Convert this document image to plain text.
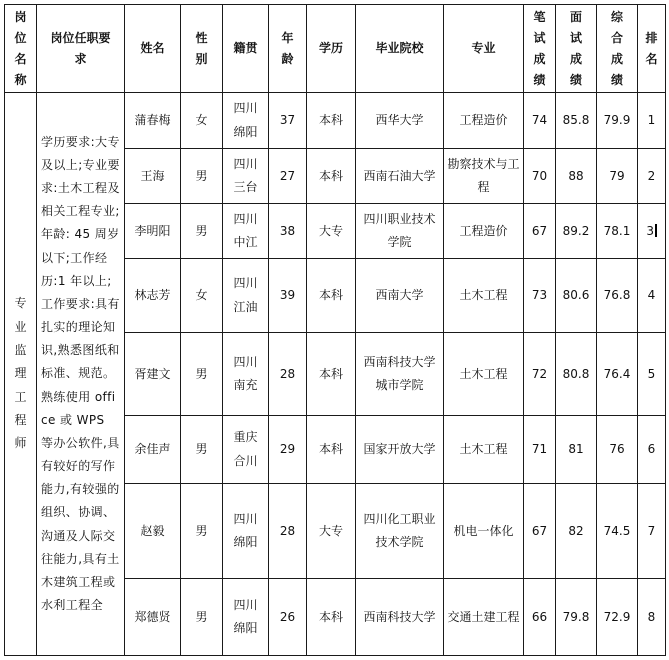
岗位名称	岗位任职要求	姓名	性别	籍贯	年龄	学历	毕业院校	专业	笔试成绩	面试成绩	综合成绩	排名
专业监理工程师	学历要求:大专及以上;专业要求:土木工程及相关工程专业;年龄: 45 周岁以下;工作经历:1 年以上;工作要求:具有扎实的理论知识,熟悉图纸和标准、规范。熟练使用 office 或 WPS 等办公软件,具有较好的写作能力,有较强的组织、协调、沟通及人际交往能力,具有土木建筑工程或水利工程全	蒲春梅	女	四川绵阳	37	本科	西华大学	工程造价	74	85.8	79.9	1
		王海	男	四川三台	27	本科	西南石油大学	勘察技术与工程	70	88	79	2
		李明阳	男	四川中江	38	大专	四川职业技术学院	工程造价	67	89.2	78.1	3
		林志芳	女	四川江油	39	本科	西南大学	土木工程	73	80.6	76.8	4
		胥建文	男	四川南充	28	本科	西南科技大学城市学院	土木工程	72	80.8	76.4	5
		余佳声	男	重庆合川	29	本科	国家开放大学	土木工程	71	81	76	6
		赵毅	男	四川绵阳	28	大专	四川化工职业技术学院	机电一体化	67	82	74.5	7
		郑德贤	男	四川绵阳	26	本科	西南科技大学	交通土建工程	66	79.8	72.9	8
